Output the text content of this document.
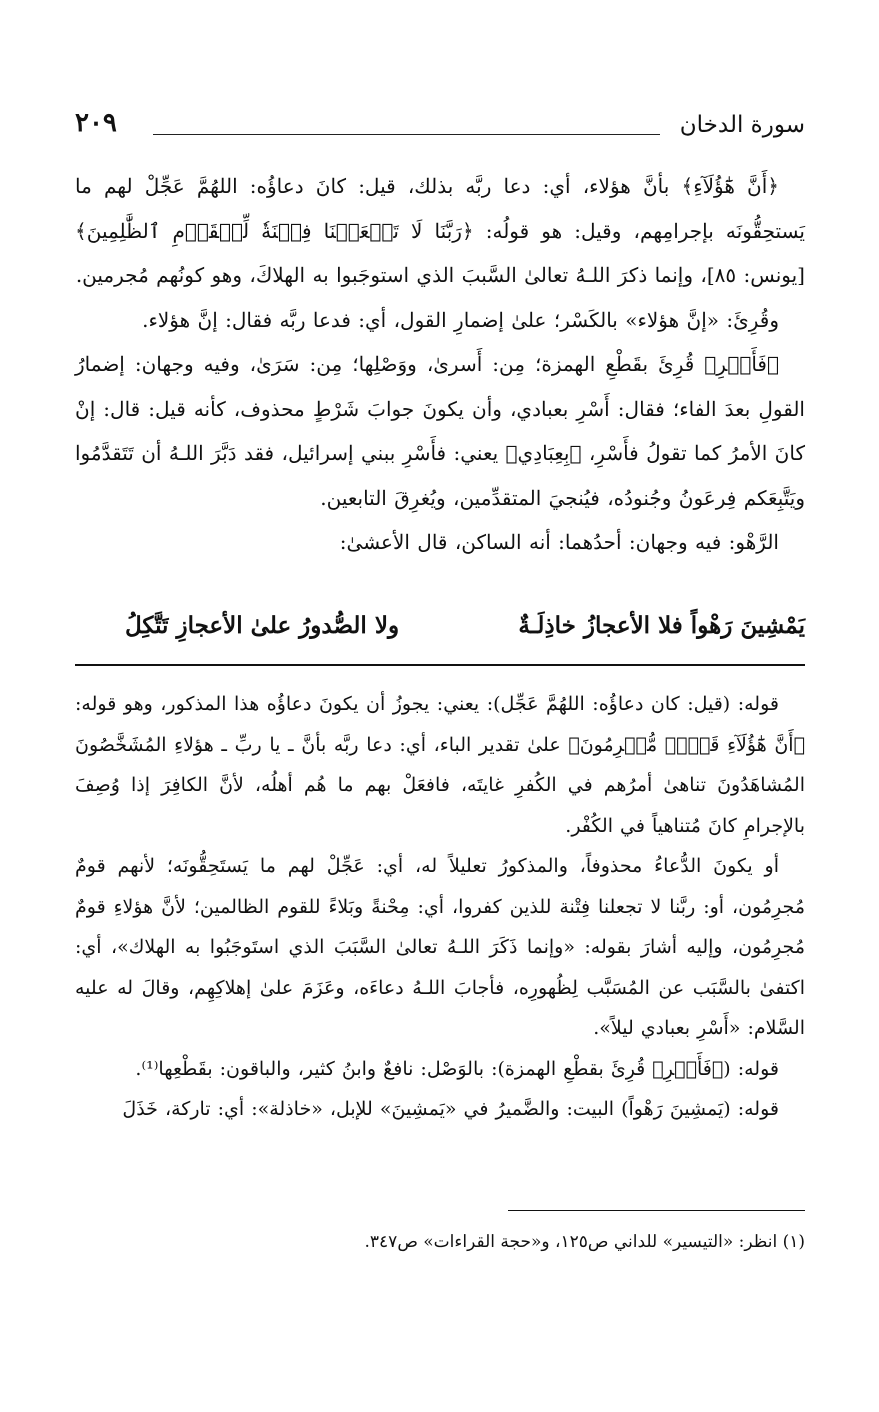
سورة الدخان
٢٠٩

﴿أَنَّ هَٰٓؤُلَآءِ﴾ بأنَّ هؤلاء، أي: دعا ربَّه بذلك، قيل: كانَ دعاؤُه: اللهُمَّ عَجِّلْ لهم ما يَستحِقُّونَه بإجرامِهم، وقيل: هو قولُه: ﴿رَبَّنَا لَا تَجۡعَلۡنَا فِتۡنَةٗ لِّلۡقَوۡمِ ٱلظَّٰلِمِينَ﴾ [يونس: ٨٥]، وإنما ذكرَ اللـهُ تعالىٰ السَّببَ الذي استوجَبوا به الهلاكَ، وهو كونُهم مُجرمين.

وقُرِئَ: «إنَّ هؤلاء» بالكَسْر؛ علىٰ إضمارِ القول، أي: فدعا ربَّه فقال: إنَّ هؤلاء.

﴿فَأَسۡرِ﴾ قُرِئَ بقَطْعِ الهمزة؛ مِن: أَسرىٰ، ووَصْلِها؛ مِن: سَرَىٰ، وفيه وجهان: إضمارُ القولِ بعدَ الفاء؛ فقال: أَسْرِ بعبادي، وأن يكونَ جوابَ شَرْطٍ محذوف، كأنه قيل: قال: إنْ كانَ الأمرُ كما تقولُ فأَسْرِ، ﴿بِعِبَادِي﴾ يعني: فأَسْرِ ببني إسرائيل، فقد دَبَّرَ اللـهُ أن تَتَقدَّمُوا ويَتَّبِعَكم فِرعَونُ وجُنودُه، فيُنجيَ المتقدِّمين، ويُغرِقَ التابعين.

الرَّهْو: فيه وجهان: أحدُهما: أنه الساكن، قال الأعشىٰ:

يَمْشِينَ رَهْواً فلا الأعجازُ خاذِلَـةٌ
ولا الصُّدورُ علىٰ الأعجازِ تَتَّكِلُ

قوله: (قيل: كان دعاؤُه: اللهُمَّ عَجِّل): يعني: يجوزُ أن يكونَ دعاؤُه هذا المذكور، وهو قوله: ﴿أَنَّ هَٰٓؤُلَآءِ قَوۡمٞ مُّجۡرِمُونَ﴾ علىٰ تقدير الباء، أي: دعا ربَّه بأنَّ ـ يا ربِّ ـ هؤلاءِ المُشَخَّصُونَ المُشاهَدُونَ تناهىٰ أمرُهم في الكُفرِ غايتَه، فافعَلْ بهم ما هُم أهلُه، لأنَّ الكافِرَ إذا وُصِفَ بالإجرامِ كانَ مُتناهياً في الكُفْر.

أو يكونَ الدُّعاءُ محذوفاً، والمذكورُ تعليلاً له، أي: عَجِّلْ لهم ما يَستَحِقُّونَه؛ لأنهم قومٌ مُجرِمُون، أو: ربَّنا لا تجعلنا فِتْنة للذين كفروا، أي: مِحْنةً وبَلاءً للقوم الظالمين؛ لأنَّ هؤلاءِ قومٌ مُجرِمُون، وإليه أشارَ بقوله: «وإنما ذَكَرَ اللـهُ تعالىٰ السَّبَبَ الذي استَوجَبُوا به الهلاك»، أي: اكتفىٰ بالسَّبَب عن المُسَبَّب لِظُهورِه، فأجابَ اللـهُ دعاءَه، وعَزَمَ علىٰ إهلاكِهِم، وقالَ له عليه السَّلام: «أَسْرِ بعبادي ليلاً».

قوله: (﴿فَأَسۡرِ﴾ قُرِئَ بقطْعِ الهمزة): بالوَصْل: نافعٌ وابنُ كثير، والباقون: بقَطْعِها⁽¹⁾.

قوله: (يَمشِينَ رَهْواً) البيت: والضَّميرُ في «يَمشِينَ» للإبل، «خاذلة»: أي: تاركة، خَذَلَ

(١) انظر: «التيسير» للداني ص١٢٥، و«حجة القراءات» ص٣٤٧.
